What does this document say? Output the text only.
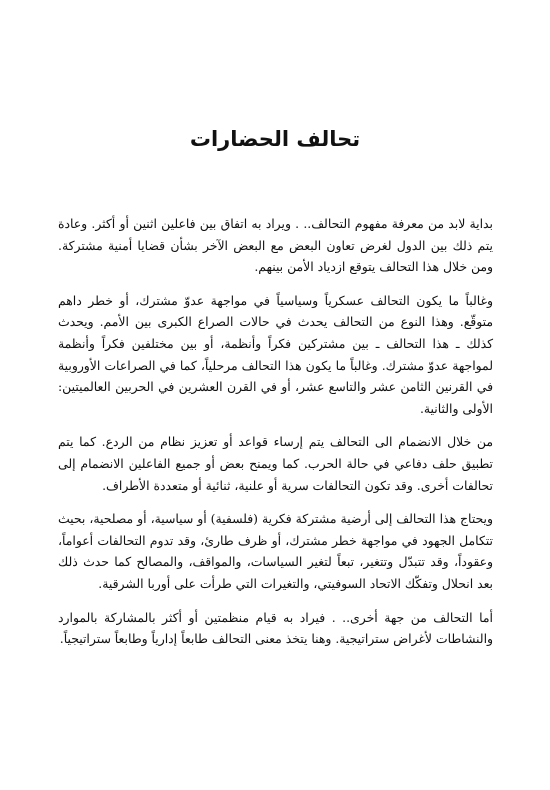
تحالف الحضارات

بداية لابد من معرفة مفهوم التحالف.. . ويراد به اتفاق بين فاعلين اثنين أو أكثر. وعادة يتم ذلك بين الدول لغرض تعاون البعض مع البعض الآخر بشأن قضايا أمنية مشتركة. ومن خلال هذا التحالف يتوقع ازدياد الأمن بينهم.

وغالباً ما يكون التحالف عسكرياً وسياسياً في مواجهة عدوّ مشترك، أو خطر داهم متوقّع. وهذا النوع من التحالف يحدث في حالات الصراع الكبرى بين الأمم. ويحدث كذلك ـ هذا التحالف ـ بين مشتركين فكراً وأنظمة، أو بين مختلفين فكراً وأنظمة لمواجهة عدوّ مشترك. وغالباً ما يكون هذا التحالف مرحلياً، كما في الصراعات الأوروبية في القرنين الثامن عشر والتاسع عشر، أو في القرن العشرين في الحربين العالميتين: الأولى والثانية.

من خلال الانضمام الى التحالف يتم إرساء قواعد أو تعزيز نظام من الردع. كما يتم تطبيق حلف دفاعي في حالة الحرب. كما ويمنح بعض أو جميع الفاعلين الانضمام إلى تحالفات أخرى. وقد تكون التحالفات سرية أو علنية، ثنائية أو متعددة الأطراف.

ويحتاج هذا التحالف إلى أرضية مشتركة فكرية (فلسفية) أو سياسية، أو مصلحية، بحيث تتكامل الجهود في مواجهة خطر مشترك، أو ظرف طارئ، وقد تدوم التحالفات أعواماً، وعقوداً، وقد تتبدّل وتتغير، تبعاً لتغير السياسات، والمواقف، والمصالح كما حدث ذلك بعد انحلال وتفكّك الاتحاد السوفيتي، والتغيرات التي طرأت على أوربا الشرقية.

أما التحالف من جهة أخرى.. . فيراد به قيام منظمتين أو أكثر بالمشاركة بالموارد والنشاطات لأغراض ستراتيجية. وهنا يتخذ معنى التحالف طابعاً إدارياً وطابعاً ستراتيجياً.
